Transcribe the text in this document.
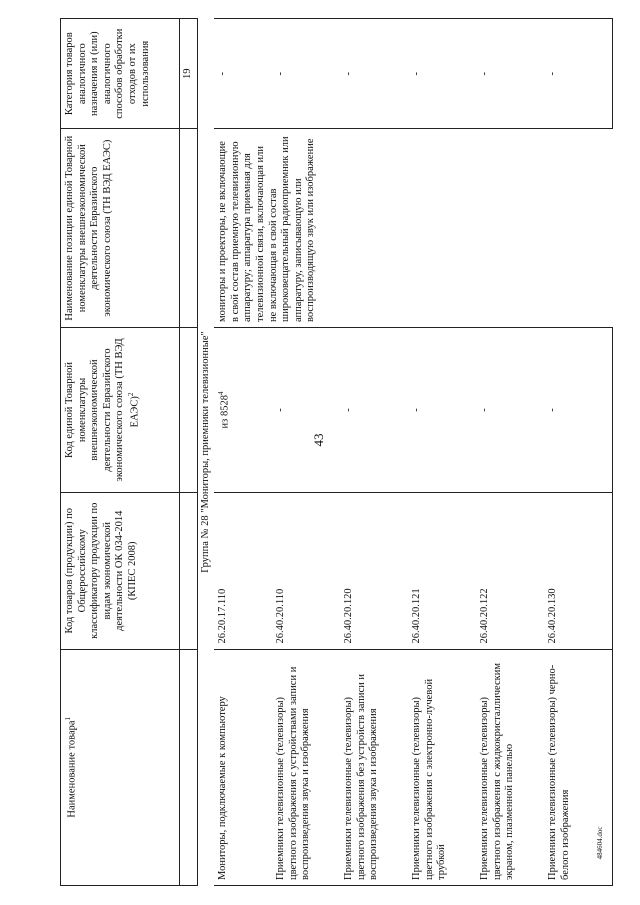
43
484604.doc
Наименование товара$^1$	Код товаров (продукции) по Общероссийскому классификатору продукции по видам экономической деятельности ОК 034-2014 (КПЕС 2008)	Код единой Товарной номенклатуры внешнеэкономической деятельности Евразийского экономического союза (ТН ВЭД ЕАЭС)$^2$	Наименование позиции единой Товарной номенклатуры внешнеэкономической деятельности Евразийского экономического союза (ТН ВЭД ЕАЭС)	Категория товаров аналогичного назначения и (или) аналогичного способов обработки отходов от их использования
				19
Группа № 28 "Мониторы, приемники телевизионные"				
Мониторы, подключаемые к компьютеру	26.20.17.110	из 8528$^4$	мониторы и проекторы, не включающие в свой состав приемную телевизионную аппаратуру; аппаратура приемная для телевизионной связи, включающая или не включающая в свой состав широковещательный радиоприемник или аппаратуру, записывающую или воспроизводящую звук или изображение	-
Приемники телевизионные (телевизоры) цветного изображения с устройствами записи и воспроизведения звука и изображения	26.40.20.110	-		-
Приемники телевизионные (телевизоры) цветного изображения без устройств записи и воспроизведения звука и изображения	26.40.20.120	-		-
Приемники телевизионные (телевизоры) цветного изображения с электронно-лучевой трубкой	26.40.20.121	-		-
Приемники телевизионные (телевизоры) цветного изображения с жидкокристаллическим экраном, плазменной панелью	26.40.20.122	-		-
Приемники телевизионные (телевизоры) черно-белого изображения	26.40.20.130	-		-
